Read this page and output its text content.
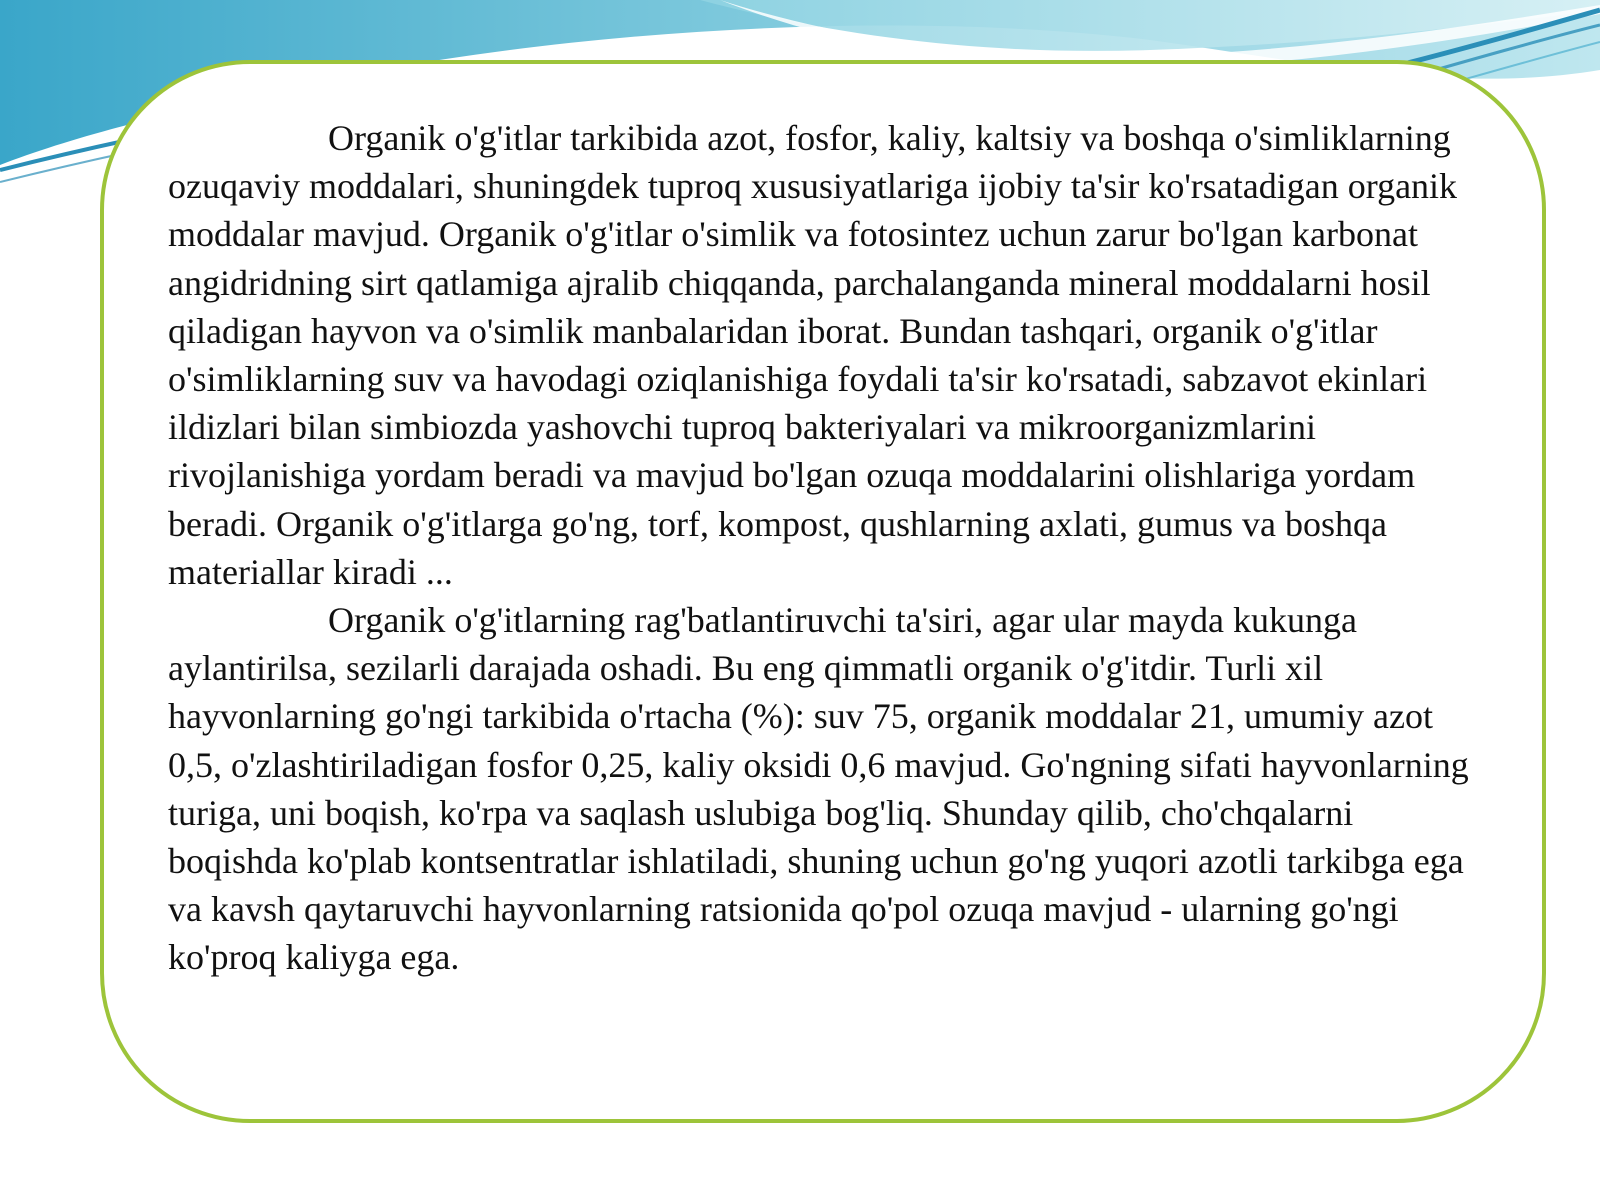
Organik o'g'itlar tarkibida azot, fosfor, kaliy, kaltsiy va boshqa o'simliklarning ozuqaviy moddalari, shuningdek tuproq xususiyatlariga ijobiy ta'sir ko'rsatadigan organik moddalar mavjud. Organik o'g'itlar o'simlik va fotosintez uchun zarur bo'lgan karbonat angidridning sirt qatlamiga ajralib chiqqanda, parchalanganda mineral moddalarni hosil qiladigan hayvon va o'simlik manbalaridan iborat. Bundan tashqari, organik o'g'itlar o'simliklarning suv va havodagi oziqlanishiga foydali ta'sir ko'rsatadi, sabzavot ekinlari ildizlari bilan simbiozda yashovchi tuproq bakteriyalari va mikroorganizmlarini rivojlanishiga yordam beradi va mavjud bo'lgan ozuqa moddalarini olishlariga yordam beradi. Organik o'g'itlarga go'ng, torf, kompost, qushlarning axlati, gumus va boshqa materiallar kiradi ...

Organik o'g'itlarning rag'batlantiruvchi ta'siri, agar ular mayda kukunga aylantirilsa, sezilarli darajada oshadi. Bu eng qimmatli organik o'g'itdir. Turli xil hayvonlarning go'ngi tarkibida o'rtacha (%): suv 75, organik moddalar 21, umumiy azot 0,5, o'zlashtiriladigan fosfor 0,25, kaliy oksidi 0,6 mavjud. Go'ngning sifati hayvonlarning turiga, uni boqish, ko'rpa va saqlash uslubiga bog'liq. Shunday qilib, cho'chqalarni boqishda ko'plab kontsentratlar ishlatiladi, shuning uchun go'ng yuqori azotli tarkibga ega va kavsh qaytaruvchi hayvonlarning ratsionida qo'pol ozuqa mavjud - ularning go'ngi ko'proq kaliyga ega.
